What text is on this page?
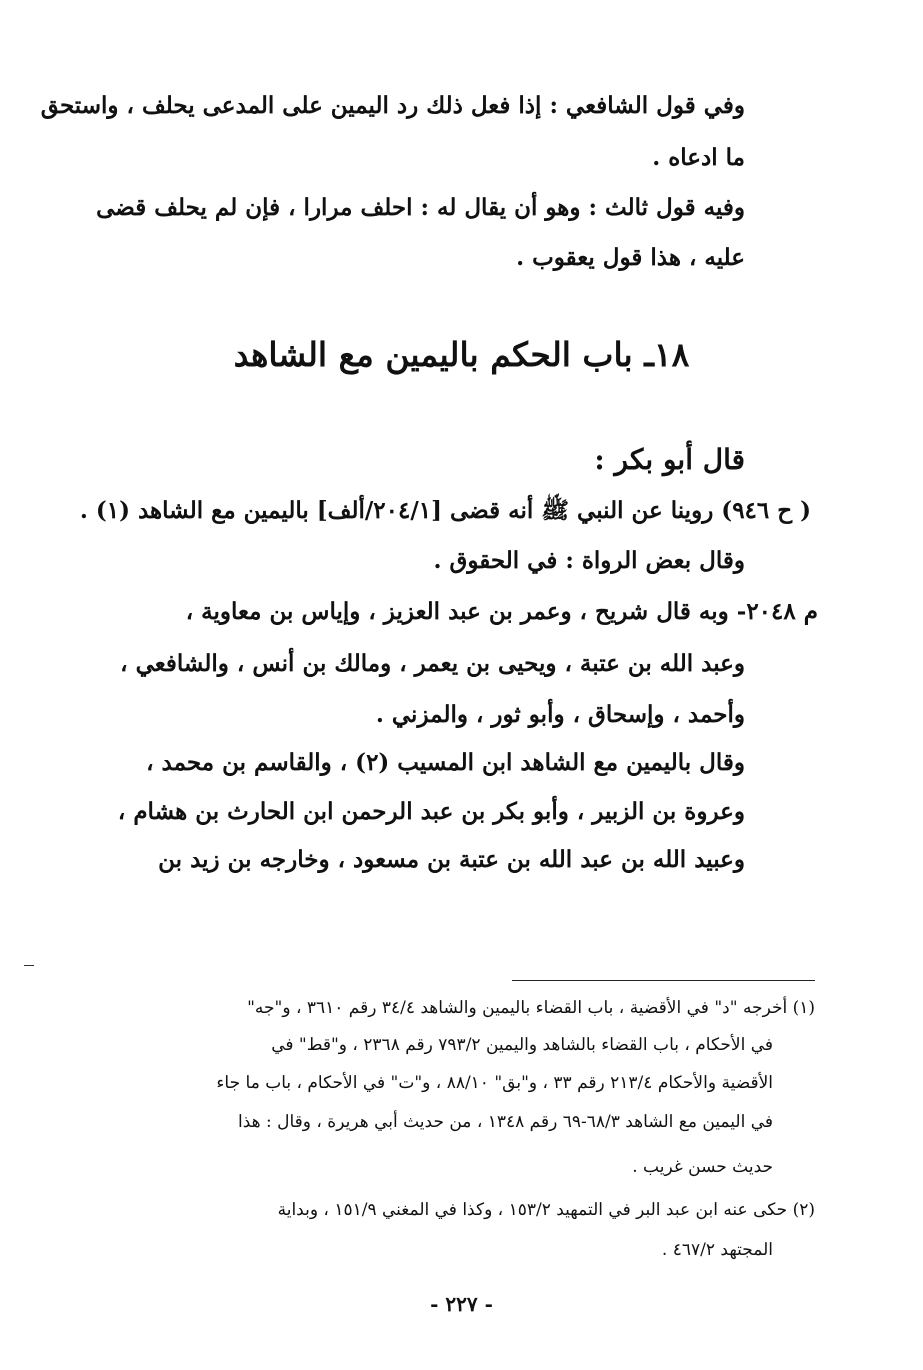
وفي قول الشافعي : إذا فعل ذلك رد اليمين على المدعى يحلف ، واستحق
ما ادعاه .
وفيه قول ثالث : وهو أن يقال له : احلف مرارا ، فإن لم يحلف قضى
عليه ، هذا قول يعقوب .
١٨ـ باب الحكم باليمين مع الشاهد
قال أبو بكر :
( ح ٩٤٦) روينا عن النبي ﷺ أنه قضى [٢٠٤/١/ألف] باليمين مع الشاهد (١) .
وقال بعض الرواة : في الحقوق .
م ٢٠٤٨- وبه قال شريح ، وعمر بن عبد العزيز ، وإياس بن معاوية ،
وعبد الله بن عتبة ، ويحيى بن يعمر ، ومالك بن أنس ، والشافعي ،
وأحمد ، وإسحاق ، وأبو ثور ، والمزني .
وقال باليمين مع الشاهد ابن المسيب (٢) ، والقاسم بن محمد ،
وعروة بن الزبير ، وأبو بكر بن عبد الرحمن ابن الحارث بن هشام ،
وعبيد الله بن عبد الله بن عتبة بن مسعود ، وخارجه بن زيد بن
(١) أخرجه "د" في الأقضية ، باب القضاء باليمين والشاهد ٣٤/٤ رقم ٣٦١٠ ، و"جه"
في الأحكام ، باب القضاء بالشاهد واليمين ٧٩٣/٢ رقم ٢٣٦٨ ، و"قط" في
الأقضية والأحكام ٢١٣/٤ رقم ٣٣ ، و"بق" ٨٨/١٠ ، و"ت" في الأحكام ، باب ما جاء
في اليمين مع الشاهد ٦٨/٣-٦٩ رقم ١٣٤٨ ، من حديث أبي هريرة ، وقال : هذا
حديث حسن غريب .
(٢) حكى عنه ابن عبد البر في التمهيد ١٥٣/٢ ، وكذا في المغني ١٥١/٩ ، وبداية
المجتهد ٤٦٧/٢ .
- ٢٢٧ -
